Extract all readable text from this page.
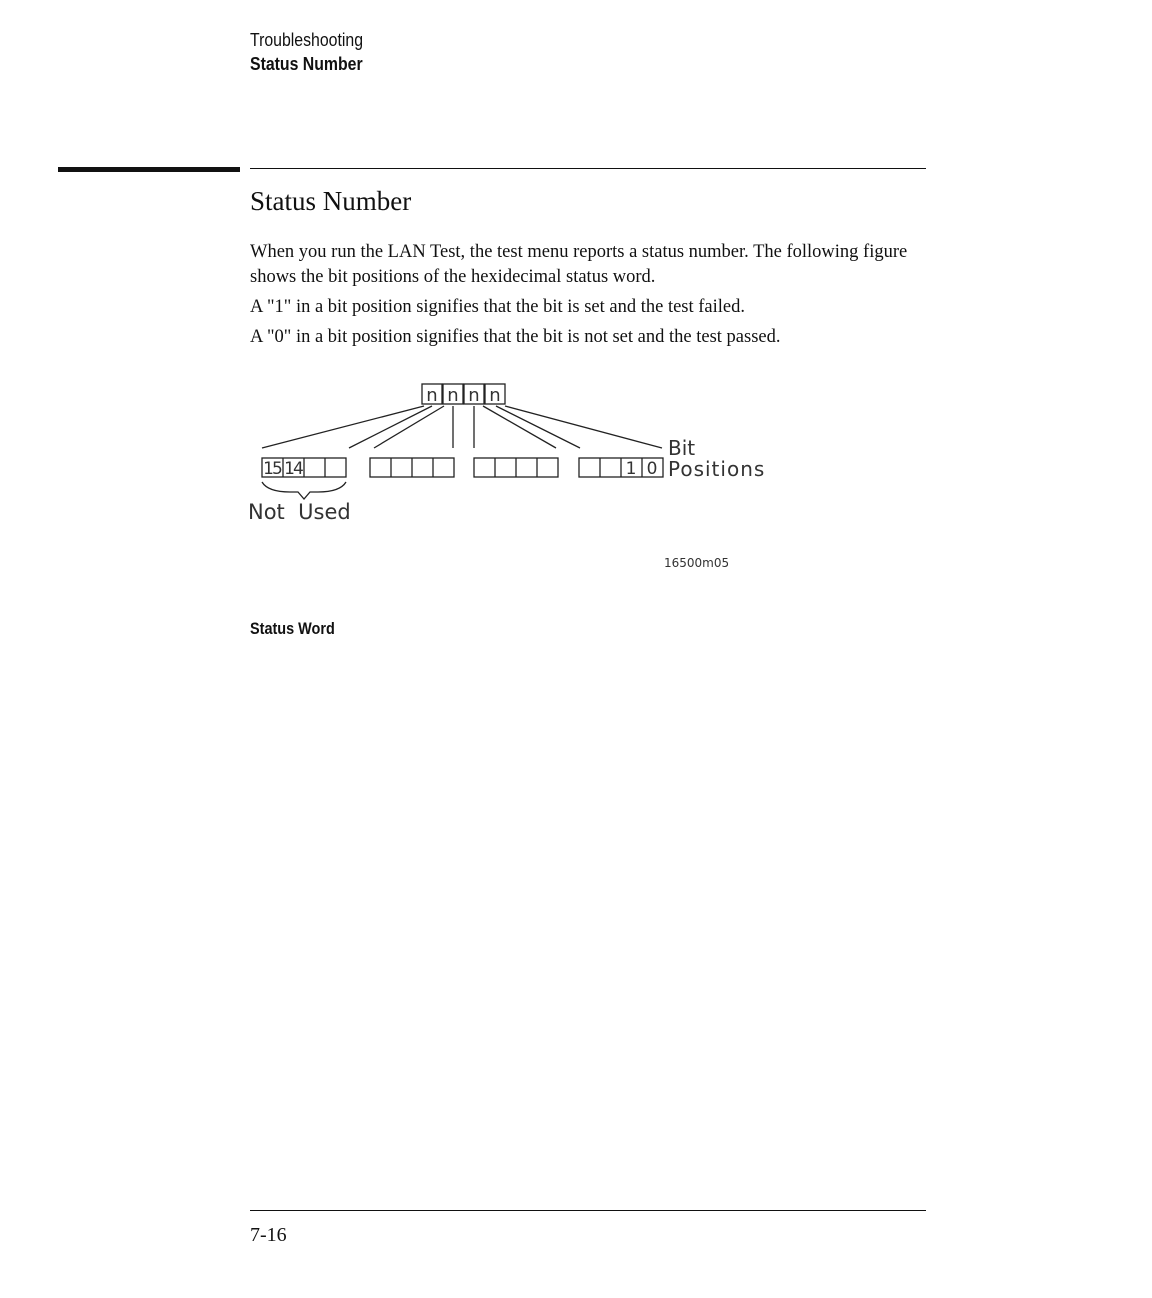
Troubleshooting
Status Number
Status Number

When you run the LAN Test, the test menu reports a status number. The following figure shows the bit positions of the hexidecimal status word.

A "1" in a bit position signifies that the bit is set and the test failed.

A "0" in a bit position signifies that the bit is not set and the test passed.

n n n n
15 14	1 0
Bit
Positions
Not  Used
16500m05
Status Word
7-16
